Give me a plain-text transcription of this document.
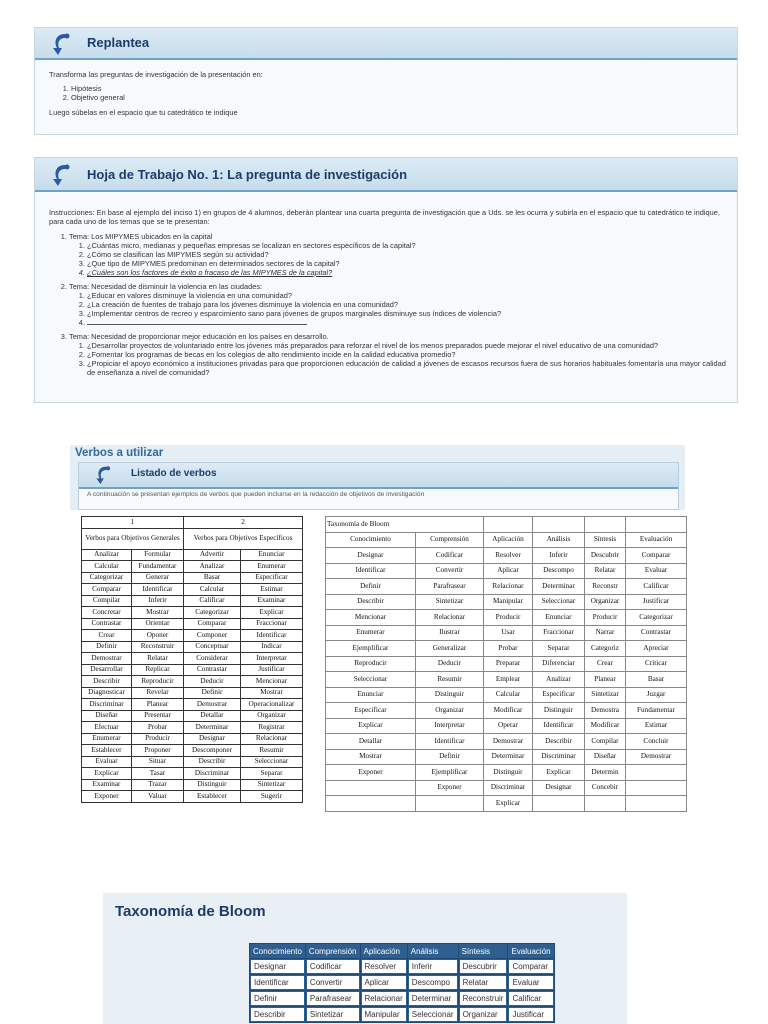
Replantea

Transforma las preguntas de investigación de la presentación en:

1. Hipótesis
2. Objetivo general

Luego súbelas en el espacio que tu catedrático te indique

Hoja de Trabajo No. 1: La pregunta de investigación

Instrucciones: En base al ejemplo del inciso 1) en grupos de 4 alumnos, deberán plantear una cuarta pregunta de investigación que a Uds. se les ocurra y subirla en el espacio que tu catedrático te indique, para cada uno de los temas que se te presentan:

1. Tema: Los MIPYMES ubicados en la capital
1. ¿Cuántas micro, medianas y pequeñas empresas se localizan en sectores específicos de la capital?
2. ¿Cómo se clasifican las MIPYMES según su actividad?
3. ¿Que tipo de MIPYMES predominan en determinados sectores de la capital?
4. ¿Cuáles son los factores de éxito o fracaso de las MIPYMES de la capital?
2. Tema: Necesidad de disminuir la violencia en las ciudades:
1. ¿Educar en valores disminuye la violencia en una comunidad?
2. ¿La creación de fuentes de trabajo para los jóvenes disminuye la violencia en una comunidad?
3. ¿Implementar centros de recreo y esparcimiento sano para jóvenes de grupos marginales disminuye sus índices de violencia?
4.
3. Tema: Necesidad de proporcionar mejor educación en los países en desarrollo.
1. ¿Desarrollar proyectos de voluntariado entre los jóvenes más preparados para reforzar el nivel de los menos preparados puede mejorar el nivel educativo de una comunidad?
2. ¿Fomentar los programas de becas en los colegios de alto rendimiento incide en la calidad educativa promedio?
3. ¿Propiciar el apoyo económico a instituciones privadas para que proporcionen educación de calidad a jóvenes de escasos recursos fuera de sus horarios habituales fomentaría una mayor calidad de enseñanza a nivel de comunidad?
Verbos a utilizar
Listado de verbos
A continuación se presentan ejemplos de verbos que pueden incluirse en la redacción de objetivos de investigación
1		2	
Verbos para Objetivos Generales		Verbos para Objetivos Específicos	
Analizar	Formular	Advertir	Enunciar
Calcular	Fundamentar	Analizar	Enumerar
Categorizar	Generar	Basar	Especificar
Comparar	Identificar	Calcular	Estimar
Compilar	Inferir	Calificar	Examinar
Concretar	Mostrar	Categorizar	Explicar
Contrastar	Orientar	Comparar	Fraccionar
Crear	Oponer	Componer	Identificar
Definir	Reconstruir	Conceptuar	Indicar
Demostrar	Relatar	Considerar	Interpretar
Desarrollar	Replicar	Contrastar	Justificar
Describir	Reproducir	Deducir	Mencionar
Diagnosticar	Revelar	Definir	Mostrar
Discriminar	Planear	Demostrar	Operacionalizar
Diseñar	Presentar	Detallar	Organizar
Efectuar	Probar	Determinar	Registrar
Enumerar	Producir	Designar	Relacionar
Establecer	Proponer	Descomponer	Resumir
Evaluar	Situar	Describir	Seleccionar
Explicar	Tasar	Discriminar	Separar
Examinar	Trazar	Distinguir	Sintetizar
Exponer	Valuar	Establecer	Sugerir
Taxonomía de Bloom					
Conocimiento	Comprensión	Aplicación	Análisis	Síntesis	Evaluación
Designar	Codificar	Resolver	Inferir	Descubrir	Comparar
Identificar	Convertir	Aplicar	Descompo	Relatar	Evaluar
Definir	Parafrasear	Relacionar	Determinar	Reconstr	Calificar
Describir	Sintetizar	Manipular	Seleccionar	Organizar	Justificar
Mencionar	Relacionar	Producir	Enunciar	Producir	Categorizar
Enumerar	Ilustrar	Usar	Fraccionar	Narrar	Contrastar
Ejemplificar	Generalizar	Probar	Separar	Categoriz	Apreciar
Reproducir	Deducir	Preparar	Diferenciar	Crear	Criticar
Seleccionar	Resumir	Emplear	Analizar	Planear	Basar
Enunciar	Distinguir	Calcular	Especificar	Sintetizar	Juzgar
Especificar	Organizar	Modificar	Distinguir	Demostra	Fundamentar
Explicar	Interpretar	Operar	Identificar	Modificar	Estimar
Detallar	Identificar	Demostrar	Describir	Compilar	Concluir
Mostrar	Definir	Determinar	Discriminar	Diseñar	Demostrar
Exponer	Ejemplificar	Distinguir	Explicar	Determin	
	Exponer	Discriminar	Designar	Concebir	
		Explicar			
Taxonomía de Bloom
Conocimiento	Comprensión	Aplicación	Análisis	Síntesis	Evaluación
Designar	Codificar	Resolver	Inferir	Descubrir	Comparar
Identificar	Convertir	Aplicar	Descompo	Relatar	Evaluar
Definir	Parafrasear	Relacionar	Determinar	Reconstruir	Calificar
Describir	Sintetizar	Manipular	Seleccionar	Organizar	Justificar
